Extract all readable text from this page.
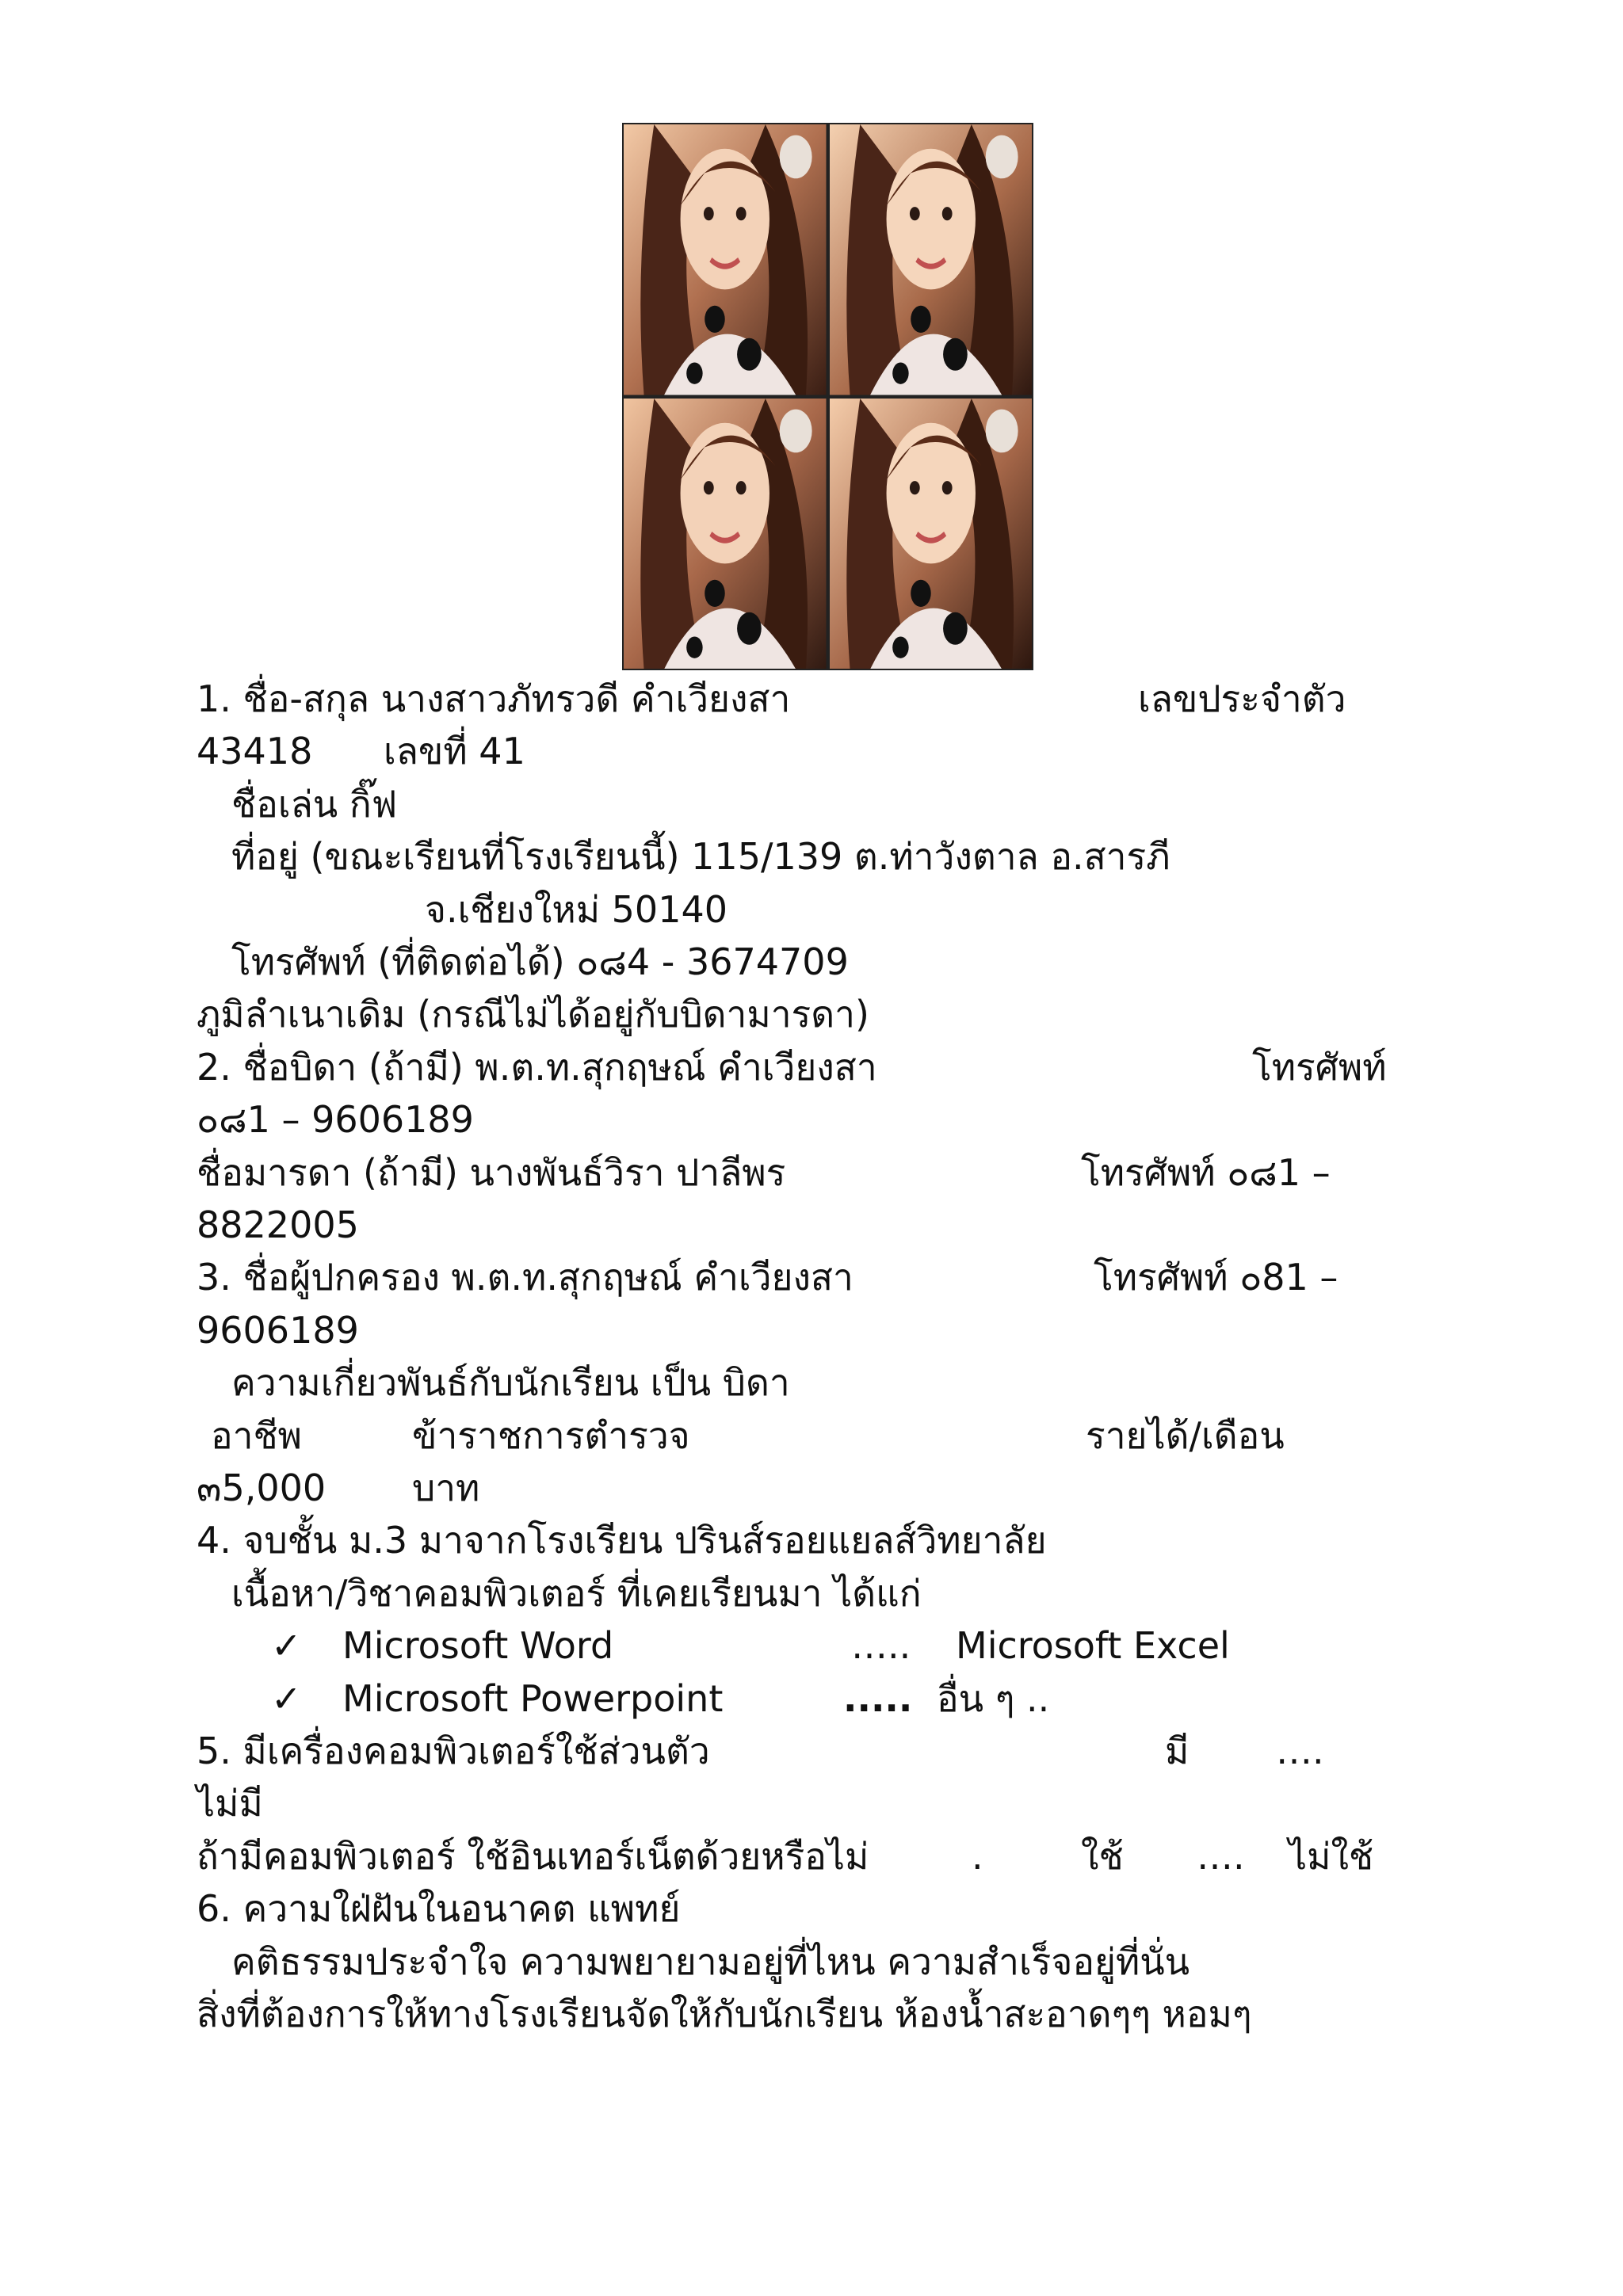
1. ชื่อ-สกุล นางสาวภัทรวดี คำเวียงสา	เลขประจำตัว
43418 เลขที่ 41
ชื่อเล่น กิ๊ฟ
ที่อยู่ (ขณะเรียนที่โรงเรียนนี้) 115/139 ต.ท่าวังตาล อ.สารภี
จ.เชียงใหม่ 50140
โทรศัพท์ (ที่ติดต่อได้) ๐๘4 - 3674709
ภูมิลำเนาเดิม (กรณีไม่ได้อยู่กับบิดามารดา)
2. ชื่อบิดา (ถ้ามี) พ.ต.ท.สุกฤษณ์ คำเวียงสา	โทรศัพท์
๐๘1 – 9606189
ชื่อมารดา (ถ้ามี) นางพันธ์วิรา ปาลีพร	โทรศัพท์ ๐๘1 –
8822005
3. ชื่อผู้ปกครอง พ.ต.ท.สุกฤษณ์ คำเวียงสา	โทรศัพท์ ๐81 –
9606189
ความเกี่ยวพันธ์กับนักเรียน เป็น บิดา
อาชีพ	ข้าราชการตำรวจ	รายได้/เดือน
๓5,000 บาท
4. จบชั้น ม.3 มาจากโรงเรียน ปรินส์รอยแยลส์วิทยาลัย
เนื้อหา/วิชาคอมพิวเตอร์ ที่เคยเรียนมา ได้แก่
✓ Microsoft Word	….. Microsoft Excel
✓ Microsoft Powerpoint	..... อื่น ๆ ..
5. มีเครื่องคอมพิวเตอร์ใช้ส่วนตัว	มี ….
ไม่มี
ถ้ามีคอมพิวเตอร์ ใช้อินเทอร์เน็ตด้วยหรือไม่	.	ใช้ …. ไม่ใช้
6. ความใฝ่ฝันในอนาคต แพทย์
คติธรรมประจำใจ ความพยายามอยู่ที่ไหน ความสำเร็จอยู่ที่นั่น
สิ่งที่ต้องการให้ทางโรงเรียนจัดให้กับนักเรียน ห้องน้ำสะอาดๆๆ หอมๆ
